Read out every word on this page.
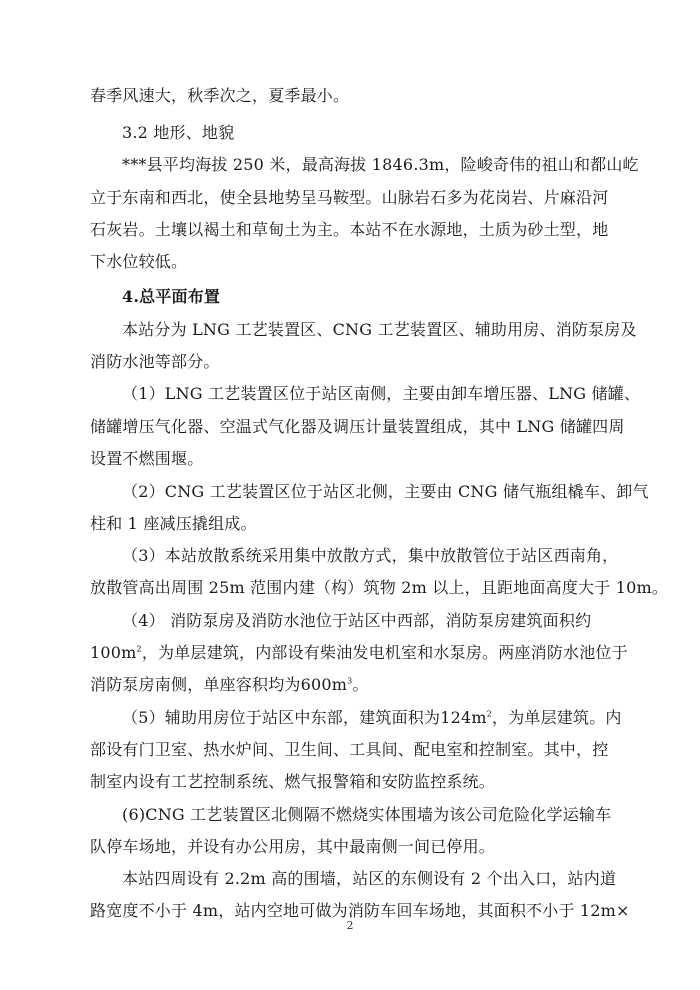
春季风速大，秋季次之，夏季最小。
3.2 地形、地貌
***县平均海拔 250 米，最高海拔 1846.3m，险峻奇伟的祖山和都山屹
立于东南和西北，使全县地势呈马鞍型。山脉岩石多为花岗岩、片麻沿河
石灰岩。土壤以褐土和草甸土为主。本站不在水源地，土质为砂土型，地
下水位较低。
4.总平面布置
本站分为 LNG 工艺装置区、CNG 工艺装置区、辅助用房、消防泵房及
消防水池等部分。
（1）LNG 工艺装置区位于站区南侧，主要由卸车增压器、LNG 储罐、
储罐增压气化器、空温式气化器及调压计量装置组成，其中 LNG 储罐四周
设置不燃围堰。
（2）CNG 工艺装置区位于站区北侧，主要由 CNG 储气瓶组橇车、卸气
柱和 1 座减压撬组成。
（3）本站放散系统采用集中放散方式，集中放散管位于站区西南角，
放散管高出周围 25m 范围内建（构）筑物 2m 以上，且距地面高度大于 10m。
（4） 消防泵房及消防水池位于站区中西部，消防泵房建筑面积约
$100m^2$，为单层建筑，内部设有柴油发电机室和水泵房。两座消防水池位于
消防泵房南侧，单座容积均为$600m^3$。
（5）辅助用房位于站区中东部，建筑面积为$124m^2$，为单层建筑。内
部设有门卫室、热水炉间、卫生间、工具间、配电室和控制室。其中，控
制室内设有工艺控制系统、燃气报警箱和安防监控系统。
(6)CNG 工艺装置区北侧隔不燃烧实体围墙为该公司危险化学运输车
队停车场地，并设有办公用房，其中最南侧一间已停用。
本站四周设有 2.2m 高的围墙，站区的东侧设有 2 个出入口，站内道
路宽度不小于 4m，站内空地可做为消防车回车场地，其面积不小于 12m×
2
